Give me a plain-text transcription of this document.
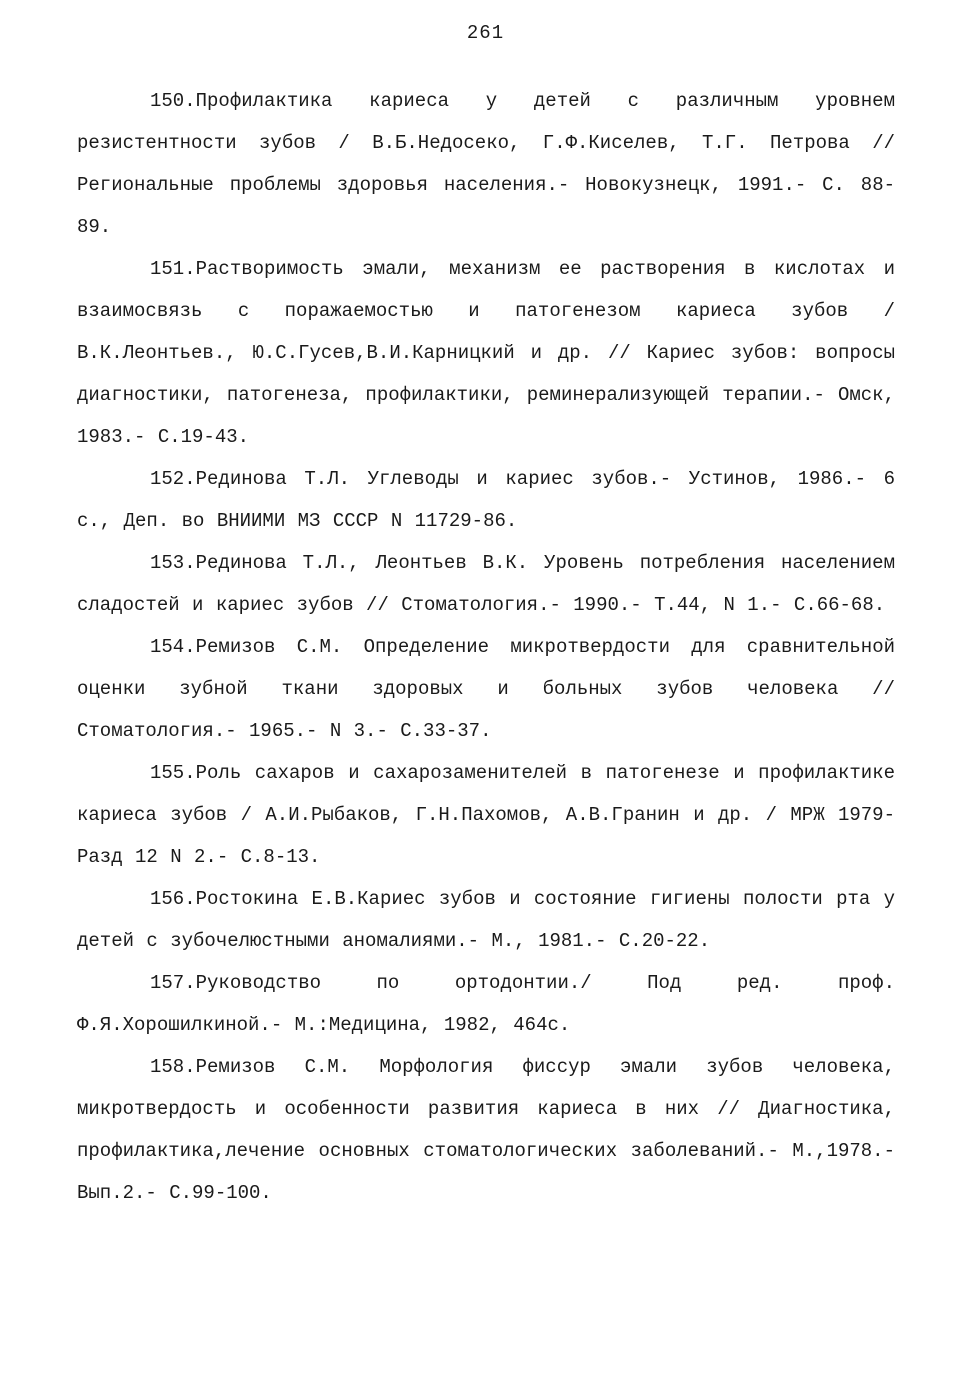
261

150.Профилактика кариеса у детей с различным уровнем резистентности зубов / В.Б.Недосеко, Г.Ф.Киселев, Т.Г. Петрова // Региональные проблемы здоровья населения.- Новокузнецк, 1991.- С. 88-89.

151.Растворимость эмали, механизм ее растворения в кислотах и взаимосвязь с поражаемостью и патогенезом кариеса зубов / В.К.Леонтьев., Ю.С.Гусев,В.И.Карницкий и др. // Кариес зубов: вопросы диагностики, патогенеза, профилактики, реминерализующей терапии.- Омск, 1983.- С.19-43.

152.Рединова Т.Л. Углеводы и кариес зубов.- Устинов, 1986.- 6 с., Деп. во ВНИИМИ МЗ СССР N 11729-86.

153.Рединова Т.Л., Леонтьев В.К. Уровень потребления населением сладостей и кариес зубов // Стоматология.- 1990.- Т.44, N 1.- С.66-68.

154.Ремизов С.М. Определение микротвердости для сравнительной оценки зубной ткани здоровых и больных зубов человека // Стоматология.- 1965.- N 3.- С.33-37.

155.Роль сахаров и сахарозаменителей в патогенезе и профилактике кариеса зубов / А.И.Рыбаков, Г.Н.Пахомов, А.В.Гранин и др. / МРЖ 1979- Разд 12 N 2.- С.8-13.

156.Ростокина Е.В.Кариес зубов и состояние гигиены полости рта у детей с зубочелюстными аномалиями.- М., 1981.- С.20-22.

157.Руководство по ортодонтии./ Под ред. проф. Ф.Я.Хорошилкиной.- М.:Медицина, 1982, 464с.

158.Ремизов С.М. Морфология фиссур эмали зубов человека, микротвердость и особенности развития кариеса в них // Диагностика, профилактика,лечение основных стоматологических заболеваний.- М.,1978.- Вып.2.- С.99-100.
